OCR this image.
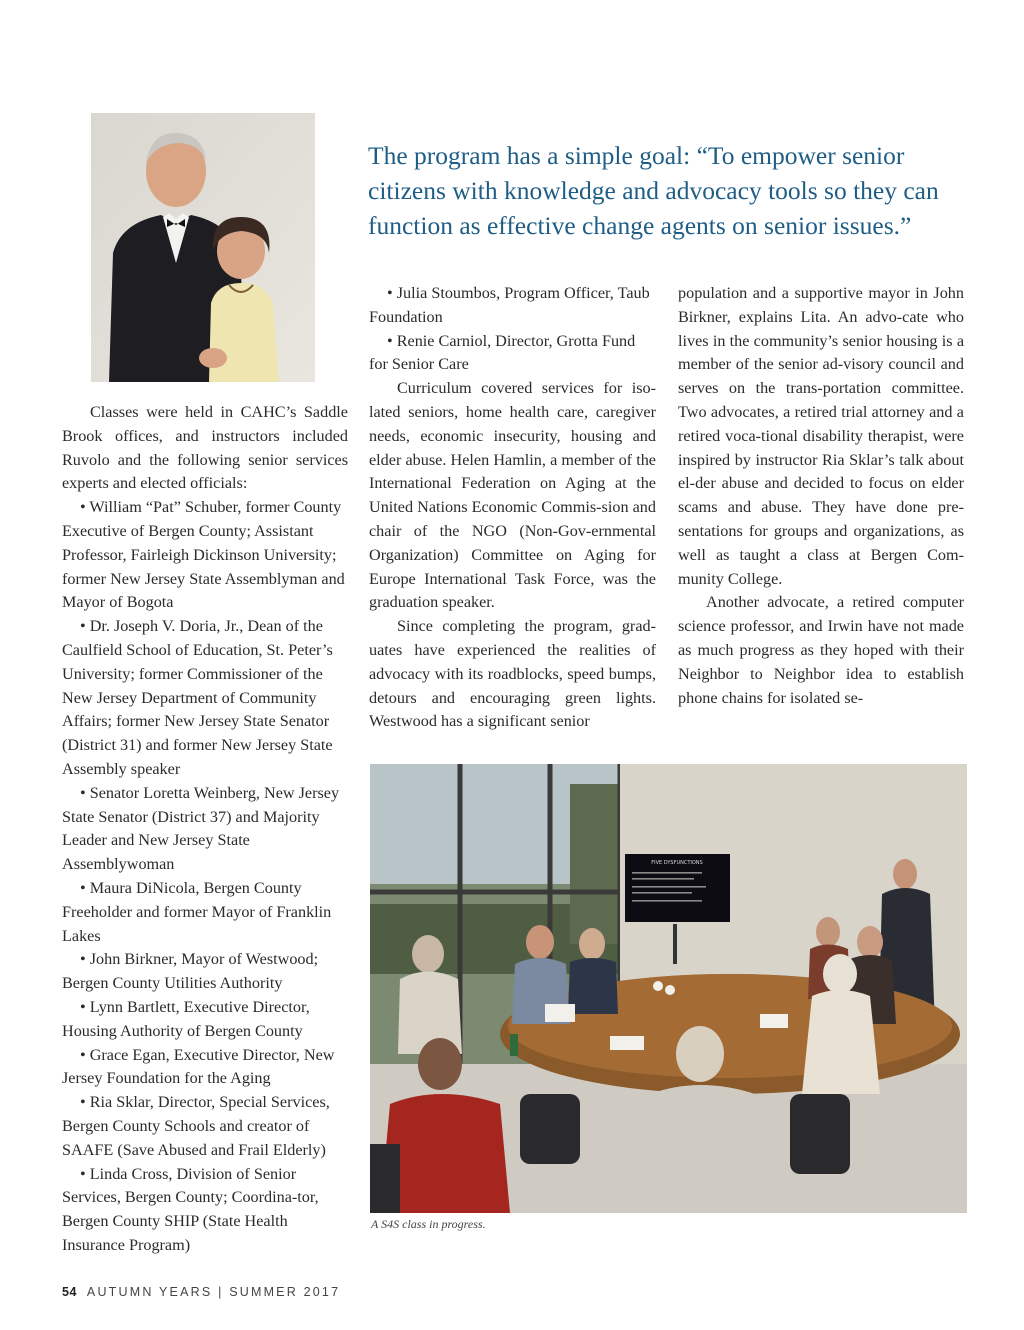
The program has a simple goal: “To empower senior citizens with knowledge and advocacy tools so they can function as effective change agents on senior issues.”

Classes were held in CAHC’s Saddle Brook offices, and instructors included Ruvolo and the following senior services experts and elected officials:

• William “Pat” Schuber, former County Executive of Bergen County; Assistant Professor, Fairleigh Dickinson University; former New Jersey State Assemblyman and Mayor of Bogota
• Dr. Joseph V. Doria, Jr., Dean of the Caulfield School of Education, St. Peter’s University; former Commissioner of the New Jersey Department of Community Affairs; former New Jersey State Senator (District 31) and former New Jersey State Assembly speaker
• Senator Loretta Weinberg, New Jersey State Senator (District 37) and Majority Leader and New Jersey State Assemblywoman
• Maura DiNicola, Bergen County Freeholder and former Mayor of Franklin Lakes
• John Birkner, Mayor of Westwood; Bergen County Utilities Authority
• Lynn Bartlett, Executive Director, Housing Authority of Bergen County
• Grace Egan, Executive Director, New Jersey Foundation for the Aging
• Ria Sklar, Director, Special Services, Bergen County Schools and creator of SAAFE (Save Abused and Frail Elderly)
• Linda Cross, Division of Senior Services, Bergen County; Coordina-tor, Bergen County SHIP (State Health Insurance Program)
• Julia Stoumbos, Program Officer, Taub Foundation
• Renie Carniol, Director, Grotta Fund for Senior Care

Curriculum covered services for iso-lated seniors, home health care, caregiver needs, economic insecurity, housing and elder abuse. Helen Hamlin, a member of the International Federation on Aging at the United Nations Economic Commis-sion and chair of the NGO (Non-Gov-ernmental Organization) Committee on Aging for Europe International Task Force, was the graduation speaker.

Since completing the program, grad-uates have experienced the realities of advocacy with its roadblocks, speed bumps, detours and encouraging green lights. Westwood has a significant senior

population and a supportive mayor in John Birkner, explains Lita. An advo-cate who lives in the community’s senior housing is a member of the senior ad-visory council and serves on the trans-portation committee. Two advocates, a retired trial attorney and a retired voca-tional disability therapist, were inspired by instructor Ria Sklar’s talk about el-der abuse and decided to focus on elder scams and abuse. They have done pre-sentations for groups and organizations, as well as taught a class at Bergen Com-munity College.

Another advocate, a retired computer science professor, and Irwin have not made as much progress as they hoped with their Neighbor to Neighbor idea to establish phone chains for isolated se-

FIVE DYSFUNCTIONS
A S4S class in progress.
54 AUTUMN YEARS | SUMMER 2017
